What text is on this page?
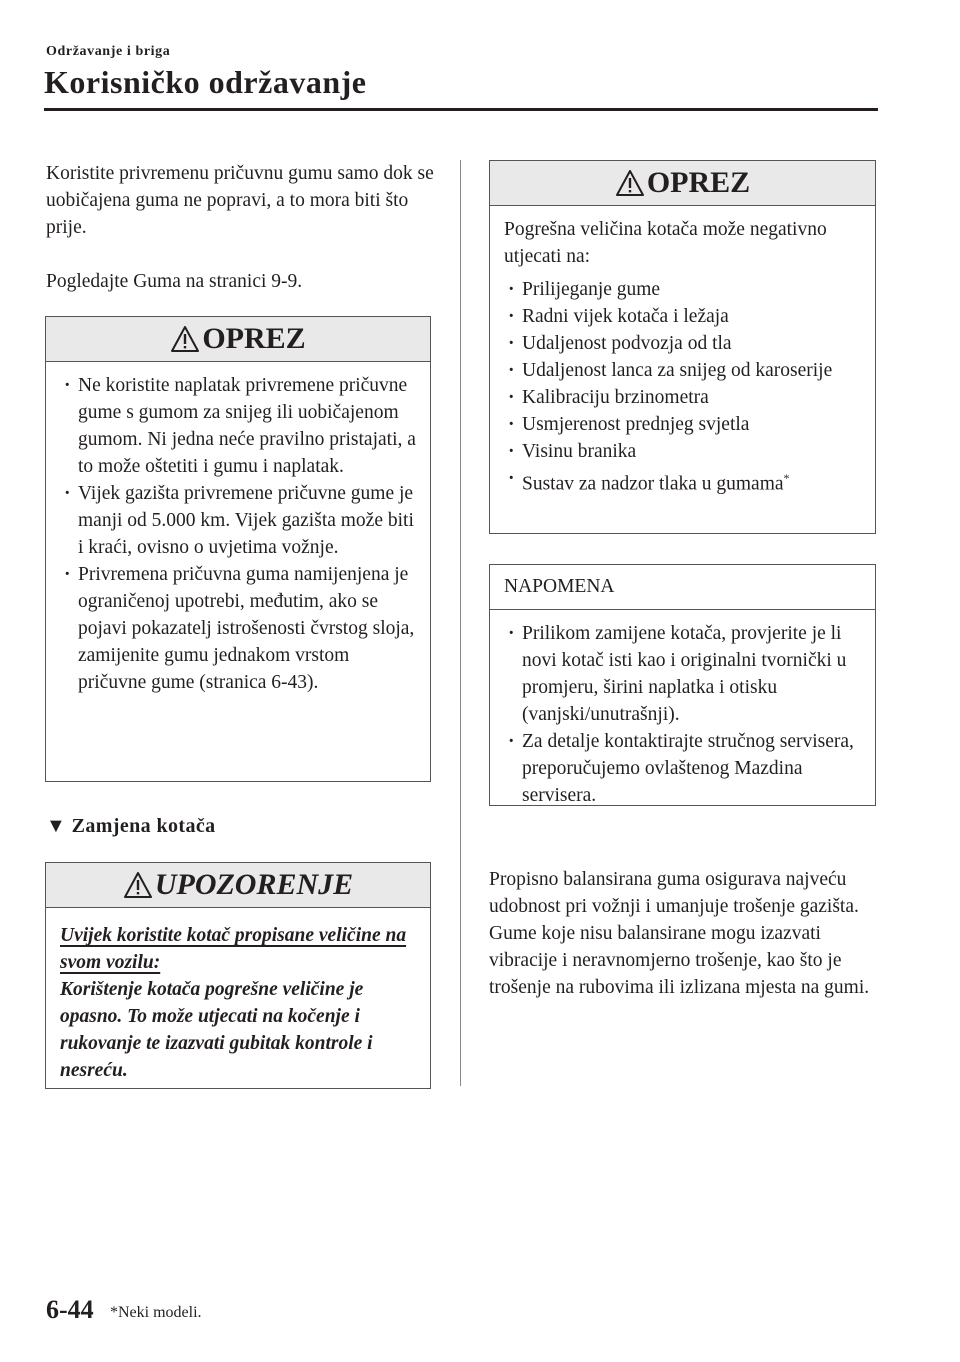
Održavanje i briga
Korisničko održavanje

Koristite privremenu pričuvnu gumu samo dok se uobičajena guma ne popravi, a to mora biti što prije.

Pogledajte Guma na stranici 9-9.

OPREZ
· Ne koristite naplatak privremene pričuvne gume s gumom za snijeg ili uobičajenom gumom. Ni jedna neće pravilno pristajati, a to može oštetiti i gumu i naplatak.
· Vijek gazišta privremene pričuvne gume je manji od 5.000 km. Vijek gazišta može biti i kraći, ovisno o uvjetima vožnje.
· Privremena pričuvna guma namijenjena je ograničenoj upotrebi, međutim, ako se pojavi pokazatelj istrošenosti čvrstog sloja, zamijenite gumu jednakom vrstom pričuvne gume (stranica 6-43).
▼ Zamjena kotača
UPOZORENJE

Uvijek koristite kotač propisane veličine na svom vozilu:

Korištenje kotača pogrešne veličine je opasno. To može utjecati na kočenje i rukovanje te izazvati gubitak kontrole i nesreću.

OPREZ

Pogrešna veličina kotača može negativno utjecati na:

· Prilijeganje gume
· Radni vijek kotača i ležaja
· Udaljenost podvozja od tla
· Udaljenost lanca za snijeg od karoserije
· Kalibraciju brzinometra
· Usmjerenost prednjeg svjetla
· Visinu branika
· Sustav za nadzor tlaka u gumama*
NAPOMENA
· Prilikom zamijene kotača, provjerite je li novi kotač isti kao i originalni tvornički u promjeru, širini naplatka i otisku (vanjski/unutrašnji).
· Za detalje kontaktirajte stručnog servisera, preporučujemo ovlaštenog Mazdina servisera.

Propisno balansirana guma osigurava najveću udobnost pri vožnji i umanjuje trošenje gazišta. Gume koje nisu balansirane mogu izazvati vibracije i neravnomjerno trošenje, kao što je trošenje na rubovima ili izlizana mjesta na gumi.

6-44 *Neki modeli.
